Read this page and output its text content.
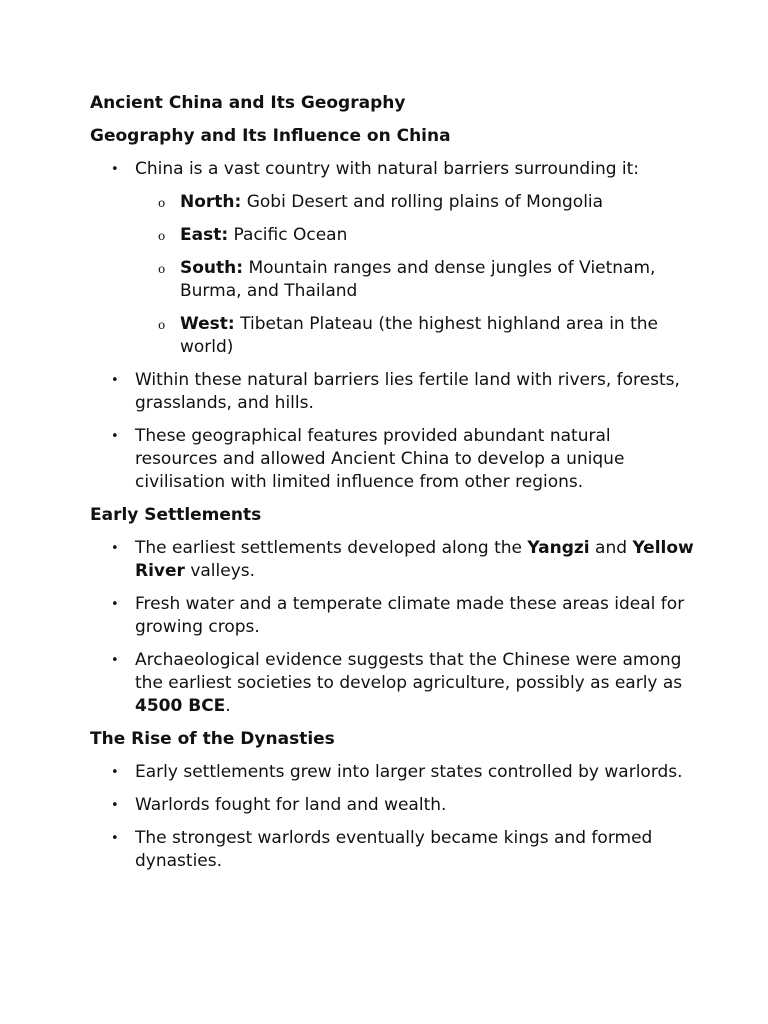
Ancient China and Its Geography
Geography and Its Influence on China
• China is a vast country with natural barriers surrounding it:
o North: Gobi Desert and rolling plains of Mongolia
o East: Pacific Ocean
o South: Mountain ranges and dense jungles of Vietnam, Burma, and Thailand
o West: Tibetan Plateau (the highest highland area in the world)
• Within these natural barriers lies fertile land with rivers, forests, grasslands, and hills.
• These geographical features provided abundant natural resources and allowed Ancient China to develop a unique civilisation with limited influence from other regions.
Early Settlements
• The earliest settlements developed along the Yangzi and Yellow River valleys.
• Fresh water and a temperate climate made these areas ideal for growing crops.
• Archaeological evidence suggests that the Chinese were among the earliest societies to develop agriculture, possibly as early as 4500 BCE.
The Rise of the Dynasties
• Early settlements grew into larger states controlled by warlords.
• Warlords fought for land and wealth.
• The strongest warlords eventually became kings and formed dynasties.
